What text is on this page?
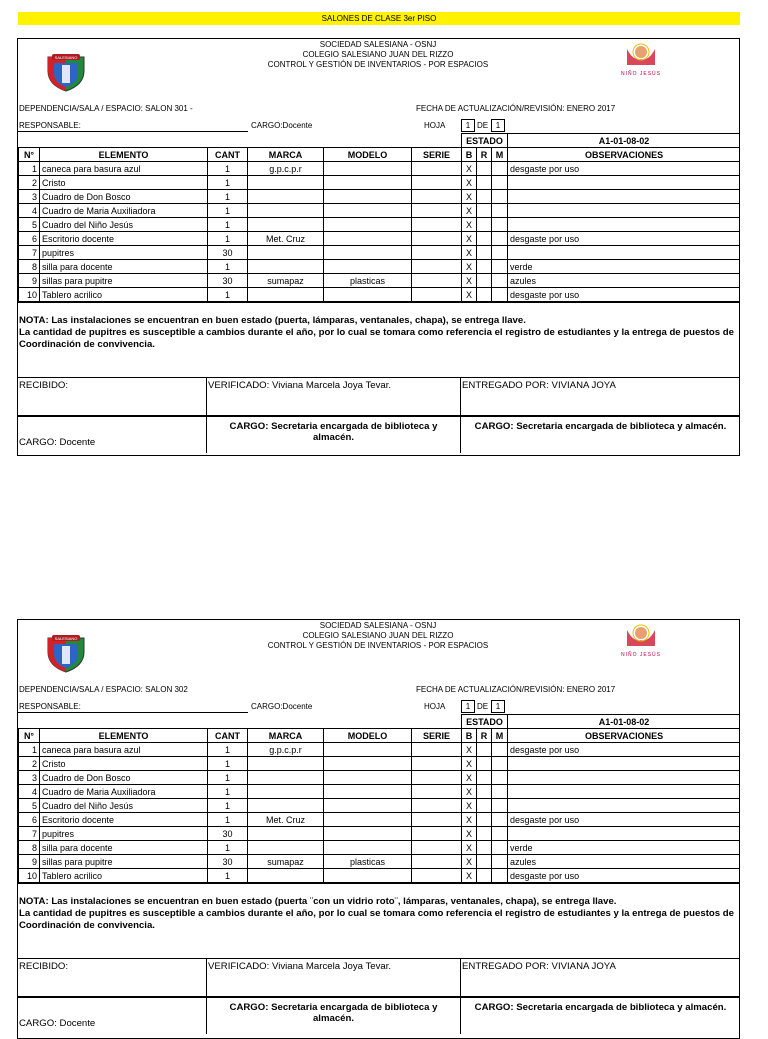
SALONES DE CLASE 3er PISO
SALESIANO
SOCIEDAD SALESIANA - OSNJ
COLEGIO SALESIANO JUAN DEL RIZZO
CONTROL Y GESTIÓN DE INVENTARIOS - POR ESPACIOS
NIÑO JESÚS
DEPENDENCIA/SALA / ESPACIO: SALON 301 -	FECHA DE ACTUALIZACIÓN/REVISIÓN: ENERO 2017
RESPONSABLE:	CARGO:Docente	HOJA	1 DE 1
						ESTADO			A1-01-08-02
N°	ELEMENTO	CANT	MARCA	MODELO	SERIE	B	R	M	OBSERVACIONES
1	caneca para basura azul	1	g.p.c.p.r			X			desgaste por uso
2	Cristo	1				X			
3	Cuadro de Don Bosco	1				X			
4	Cuadro de Maria Auxiliadora	1				X			
5	Cuadro del Niño Jesús	1				X			
6	Escritorio docente	1	Met. Cruz			X			desgaste por uso
7	pupitres	30				X			
8	silla para docente	1				X			verde
9	sillas para pupitre	30	sumapaz	plasticas		X			azules
10	Tablero acrilico	1				X			desgaste por uso
NOTA: Las instalaciones se encuentran en buen estado (puerta, lámparas, ventanales, chapa), se entrega llave.
La cantidad de pupitres es susceptible a cambios durante el año, por lo cual se tomara como referencia el registro de estudiantes y la entrega de puestos de Coordinación de convivencia.
RECIBIDO:	VERIFICADO: Viviana Marcela Joya Tevar.	ENTREGADO POR: VIVIANA JOYA
CARGO: Docente
CARGO: Secretaria encargada de biblioteca y almacén.
CARGO: Secretaria encargada de biblioteca y almacén.
SALESIANO
SOCIEDAD SALESIANA - OSNJ
COLEGIO SALESIANO JUAN DEL RIZZO
CONTROL Y GESTIÓN DE INVENTARIOS - POR ESPACIOS
NIÑO JESÚS
DEPENDENCIA/SALA / ESPACIO: SALON 302	FECHA DE ACTUALIZACIÓN/REVISIÓN: ENERO 2017
RESPONSABLE:	CARGO:Docente	HOJA	1 DE 1
						ESTADO			A1-01-08-02
N°	ELEMENTO	CANT	MARCA	MODELO	SERIE	B	R	M	OBSERVACIONES
1	caneca para basura azul	1	g.p.c.p.r			X			desgaste por uso
2	Cristo	1				X			
3	Cuadro de Don Bosco	1				X			
4	Cuadro de Maria Auxiliadora	1				X			
5	Cuadro del Niño Jesús	1				X			
6	Escritorio docente	1	Met. Cruz			X			desgaste por uso
7	pupitres	30				X			
8	silla para docente	1				X			verde
9	sillas para pupitre	30	sumapaz	plasticas		X			azules
10	Tablero acrilico	1				X			desgaste por uso
NOTA: Las instalaciones se encuentran en buen estado (puerta ¨con un vidrio roto¨, lámparas, ventanales, chapa), se entrega llave.
La cantidad de pupitres es susceptible a cambios durante el año, por lo cual se tomara como referencia el registro de estudiantes y la entrega de puestos de Coordinación de convivencia.
RECIBIDO:	VERIFICADO: Viviana Marcela Joya Tevar.	ENTREGADO POR: VIVIANA JOYA
CARGO: Docente
CARGO: Secretaria encargada de biblioteca y almacén.
CARGO: Secretaria encargada de biblioteca y almacén.
